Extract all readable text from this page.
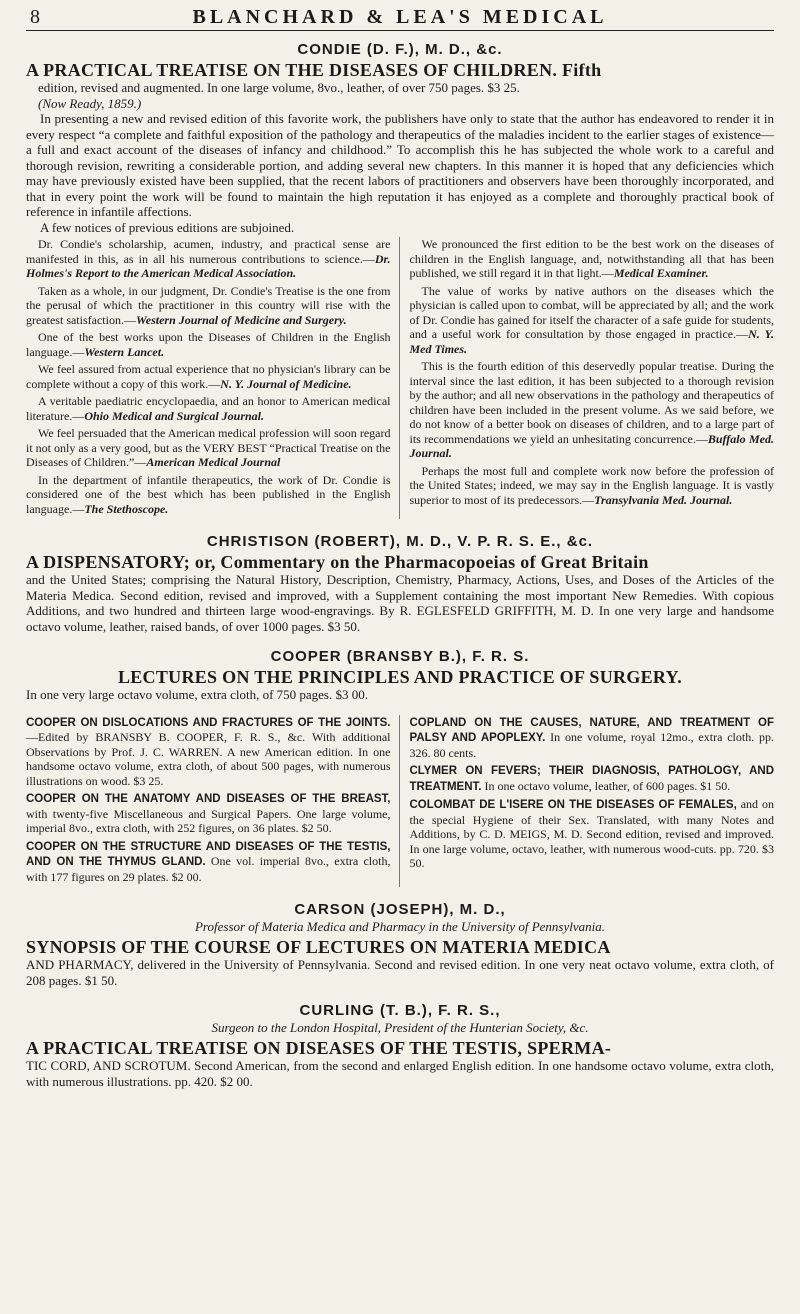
8	BLANCHARD & LEA'S MEDICAL

CONDIE (D. F.), M. D., &c.

A PRACTICAL TREATISE ON THE DISEASES OF CHILDREN. Fifth

edition, revised and augmented. In one large volume, 8vo., leather, of over 750 pages. $3 25.
(Now Ready, 1859.)

In presenting a new and revised edition of this favorite work, the publishers have only to state that the author has endeavored to render it in every respect “a complete and faithful exposition of the pathology and therapeutics of the maladies incident to the earlier stages of existence—a full and exact account of the diseases of infancy and childhood.” To accomplish this he has subjected the whole work to a careful and thorough revision, rewriting a considerable portion, and adding several new chapters. In this manner it is hoped that any deficiencies which may have previously existed have been supplied, that the recent labors of practitioners and observers have been thoroughly incorporated, and that in every point the work will be found to maintain the high reputation it has enjoyed as a complete and thoroughly practical book of reference in infantile affections.

A few notices of previous editions are subjoined.

Dr. Condie's scholarship, acumen, industry, and practical sense are manifested in this, as in all his numerous contributions to science.—Dr. Holmes's Report to the American Medical Association.

Taken as a whole, in our judgment, Dr. Condie's Treatise is the one from the perusal of which the practitioner in this country will rise with the greatest satisfaction.—Western Journal of Medicine and Surgery.

One of the best works upon the Diseases of Children in the English language.—Western Lancet.

We feel assured from actual experience that no physician's library can be complete without a copy of this work.—N. Y. Journal of Medicine.

A veritable paediatric encyclopaedia, and an honor to American medical literature.—Ohio Medical and Surgical Journal.

We feel persuaded that the American medical profession will soon regard it not only as a very good, but as the VERY BEST “Practical Treatise on the Diseases of Children.”—American Medical Journal

In the department of infantile therapeutics, the work of Dr. Condie is considered one of the best which has been published in the English language.—The Stethoscope.

We pronounced the first edition to be the best work on the diseases of children in the English language, and, notwithstanding all that has been published, we still regard it in that light.—Medical Examiner.

The value of works by native authors on the diseases which the physician is called upon to combat, will be appreciated by all; and the work of Dr. Condie has gained for itself the character of a safe guide for students, and a useful work for consultation by those engaged in practice.—N. Y. Med Times.

This is the fourth edition of this deservedly popular treatise. During the interval since the last edition, it has been subjected to a thorough revision by the author; and all new observations in the pathology and therapeutics of children have been included in the present volume. As we said before, we do not know of a better book on diseases of children, and to a large part of its recommendations we yield an unhesitating concurrence.—Buffalo Med. Journal.

Perhaps the most full and complete work now before the profession of the United States; indeed, we may say in the English language. It is vastly superior to most of its predecessors.—Transylvania Med. Journal.

CHRISTISON (ROBERT), M. D., V. P. R. S. E., &c.

A DISPENSATORY; or, Commentary on the Pharmacopoeias of Great Britain

and the United States; comprising the Natural History, Description, Chemistry, Pharmacy, Actions, Uses, and Doses of the Articles of the Materia Medica. Second edition, revised and improved, with a Supplement containing the most important New Remedies. With copious Additions, and two hundred and thirteen large wood-engravings. By R. EGLESFELD GRIFFITH, M. D. In one very large and handsome octavo volume, leather, raised bands, of over 1000 pages. $3 50.

COOPER (BRANSBY B.), F. R. S.

LECTURES ON THE PRINCIPLES AND PRACTICE OF SURGERY.

In one very large octavo volume, extra cloth, of 750 pages. $3 00.

COOPER ON DISLOCATIONS AND FRACTURES OF THE JOINTS.—Edited by BRANSBY B. COOPER, F. R. S., &c. With additional Observations by Prof. J. C. WARREN. A new American edition. In one handsome octavo volume, extra cloth, of about 500 pages, with numerous illustrations on wood. $3 25.

COOPER ON THE ANATOMY AND DISEASES OF THE BREAST, with twenty-five Miscellaneous and Surgical Papers. One large volume, imperial 8vo., extra cloth, with 252 figures, on 36 plates. $2 50.

COOPER ON THE STRUCTURE AND DISEASES OF THE TESTIS, AND ON THE THYMUS GLAND. One vol. imperial 8vo., extra cloth, with 177 figures on 29 plates. $2 00.

COPLAND ON THE CAUSES, NATURE, AND TREATMENT OF PALSY AND APOPLEXY. In one volume, royal 12mo., extra cloth. pp. 326. 80 cents.

CLYMER ON FEVERS; THEIR DIAGNOSIS, PATHOLOGY, AND TREATMENT. In one octavo volume, leather, of 600 pages. $1 50.

COLOMBAT DE L'ISERE ON THE DISEASES OF FEMALES, and on the special Hygiene of their Sex. Translated, with many Notes and Additions, by C. D. MEIGS, M. D. Second edition, revised and improved. In one large volume, octavo, leather, with numerous wood-cuts. pp. 720. $3 50.

CARSON (JOSEPH), M. D.,

Professor of Materia Medica and Pharmacy in the University of Pennsylvania.

SYNOPSIS OF THE COURSE OF LECTURES ON MATERIA MEDICA

AND PHARMACY, delivered in the University of Pennsylvania. Second and revised edition. In one very neat octavo volume, extra cloth, of 208 pages. $1 50.

CURLING (T. B.), F. R. S.,

Surgeon to the London Hospital, President of the Hunterian Society, &c.

A PRACTICAL TREATISE ON DISEASES OF THE TESTIS, SPERMA-

TIC CORD, AND SCROTUM. Second American, from the second and enlarged English edition. In one handsome octavo volume, extra cloth, with numerous illustrations. pp. 420. $2 00.
